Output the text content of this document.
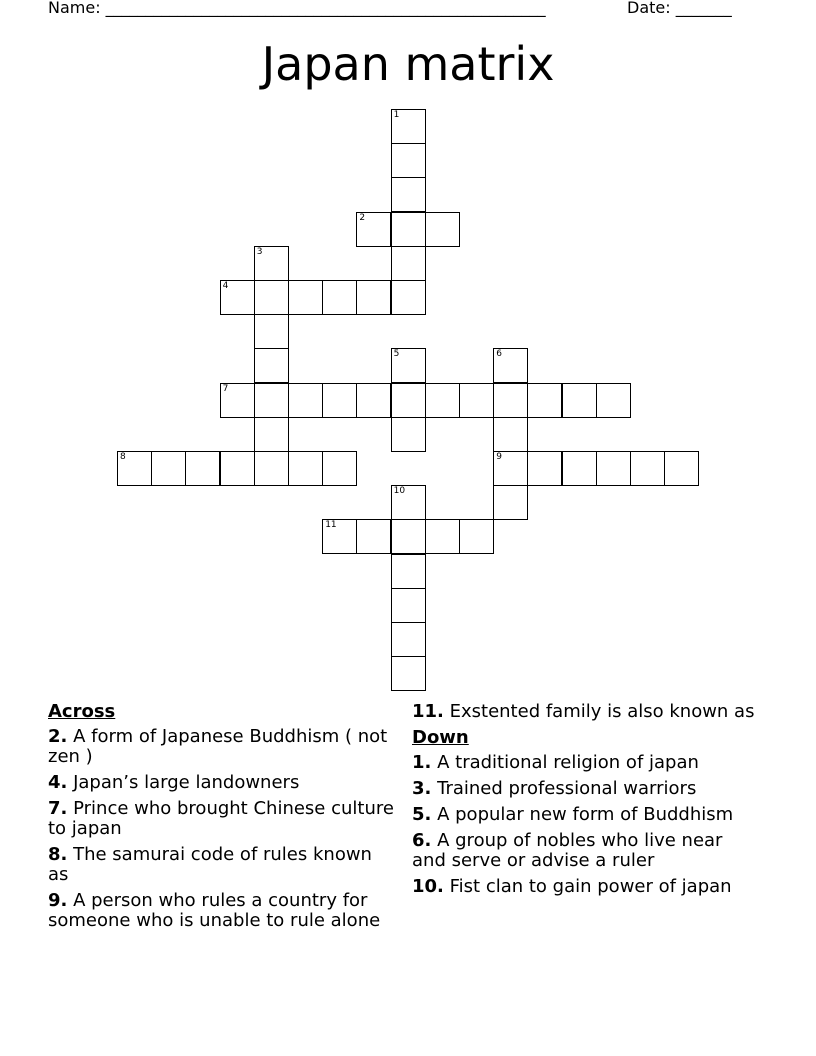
Name: _______________________________________________________	Date: _______
Japan matrix
1
2
3
4
5	6
7
8	9
10
11
Across
2. A form of Japanese Buddhism ( not zen )
4. Japan’s large landowners
7. Prince who brought Chinese culture to japan
8. The samurai code of rules known as
9. A person who rules a country for someone who is unable to rule alone
11. Exstented family is also known as
Down
1. A traditional religion of japan
3. Trained professional warriors
5. A popular new form of Buddhism
6. A group of nobles who live near and serve or advise a ruler
10. Fist clan to gain power of japan
